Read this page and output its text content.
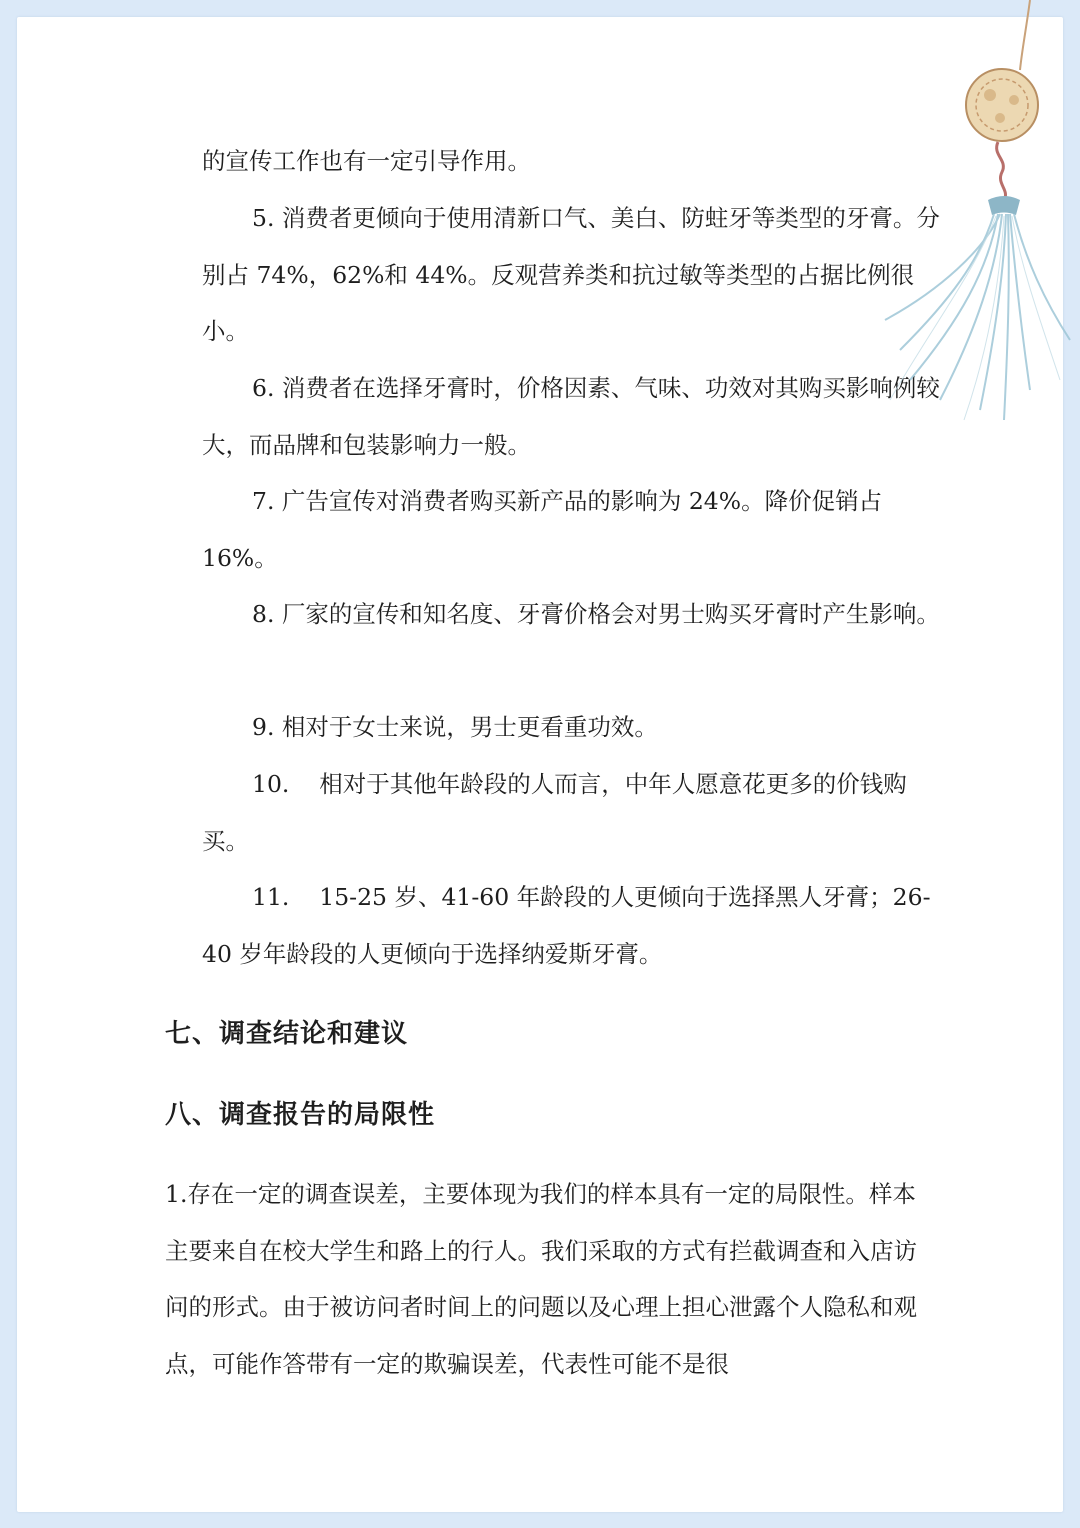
的宣传工作也有一定引导作用。

5. 消费者更倾向于使用清新口气、美白、防蛀牙等类型的牙膏。分别占 74%，62%和 44%。反观营养类和抗过敏等类型的占据比例很小。

6. 消费者在选择牙膏时，价格因素、气味、功效对其购买影响例较大，而品牌和包装影响力一般。

7. 广告宣传对消费者购买新产品的影响为 24%。降价促销占 16%。

8. 厂家的宣传和知名度、牙膏价格会对男士购买牙膏时产生影响。

9. 相对于女士来说，男士更看重功效。

10.    相对于其他年龄段的人而言，中年人愿意花更多的价钱购买。

11.    15-25 岁、41-60 年龄段的人更倾向于选择黑人牙膏；26-40 岁年龄段的人更倾向于选择纳爱斯牙膏。

七、调查结论和建议
八、调查报告的局限性

1.存在一定的调查误差，主要体现为我们的样本具有一定的局限性。样本主要来自在校大学生和路上的行人。我们采取的方式有拦截调查和入店访问的形式。由于被访问者时间上的问题以及心理上担心泄露个人隐私和观点，可能作答带有一定的欺骗误差，代表性可能不是很
